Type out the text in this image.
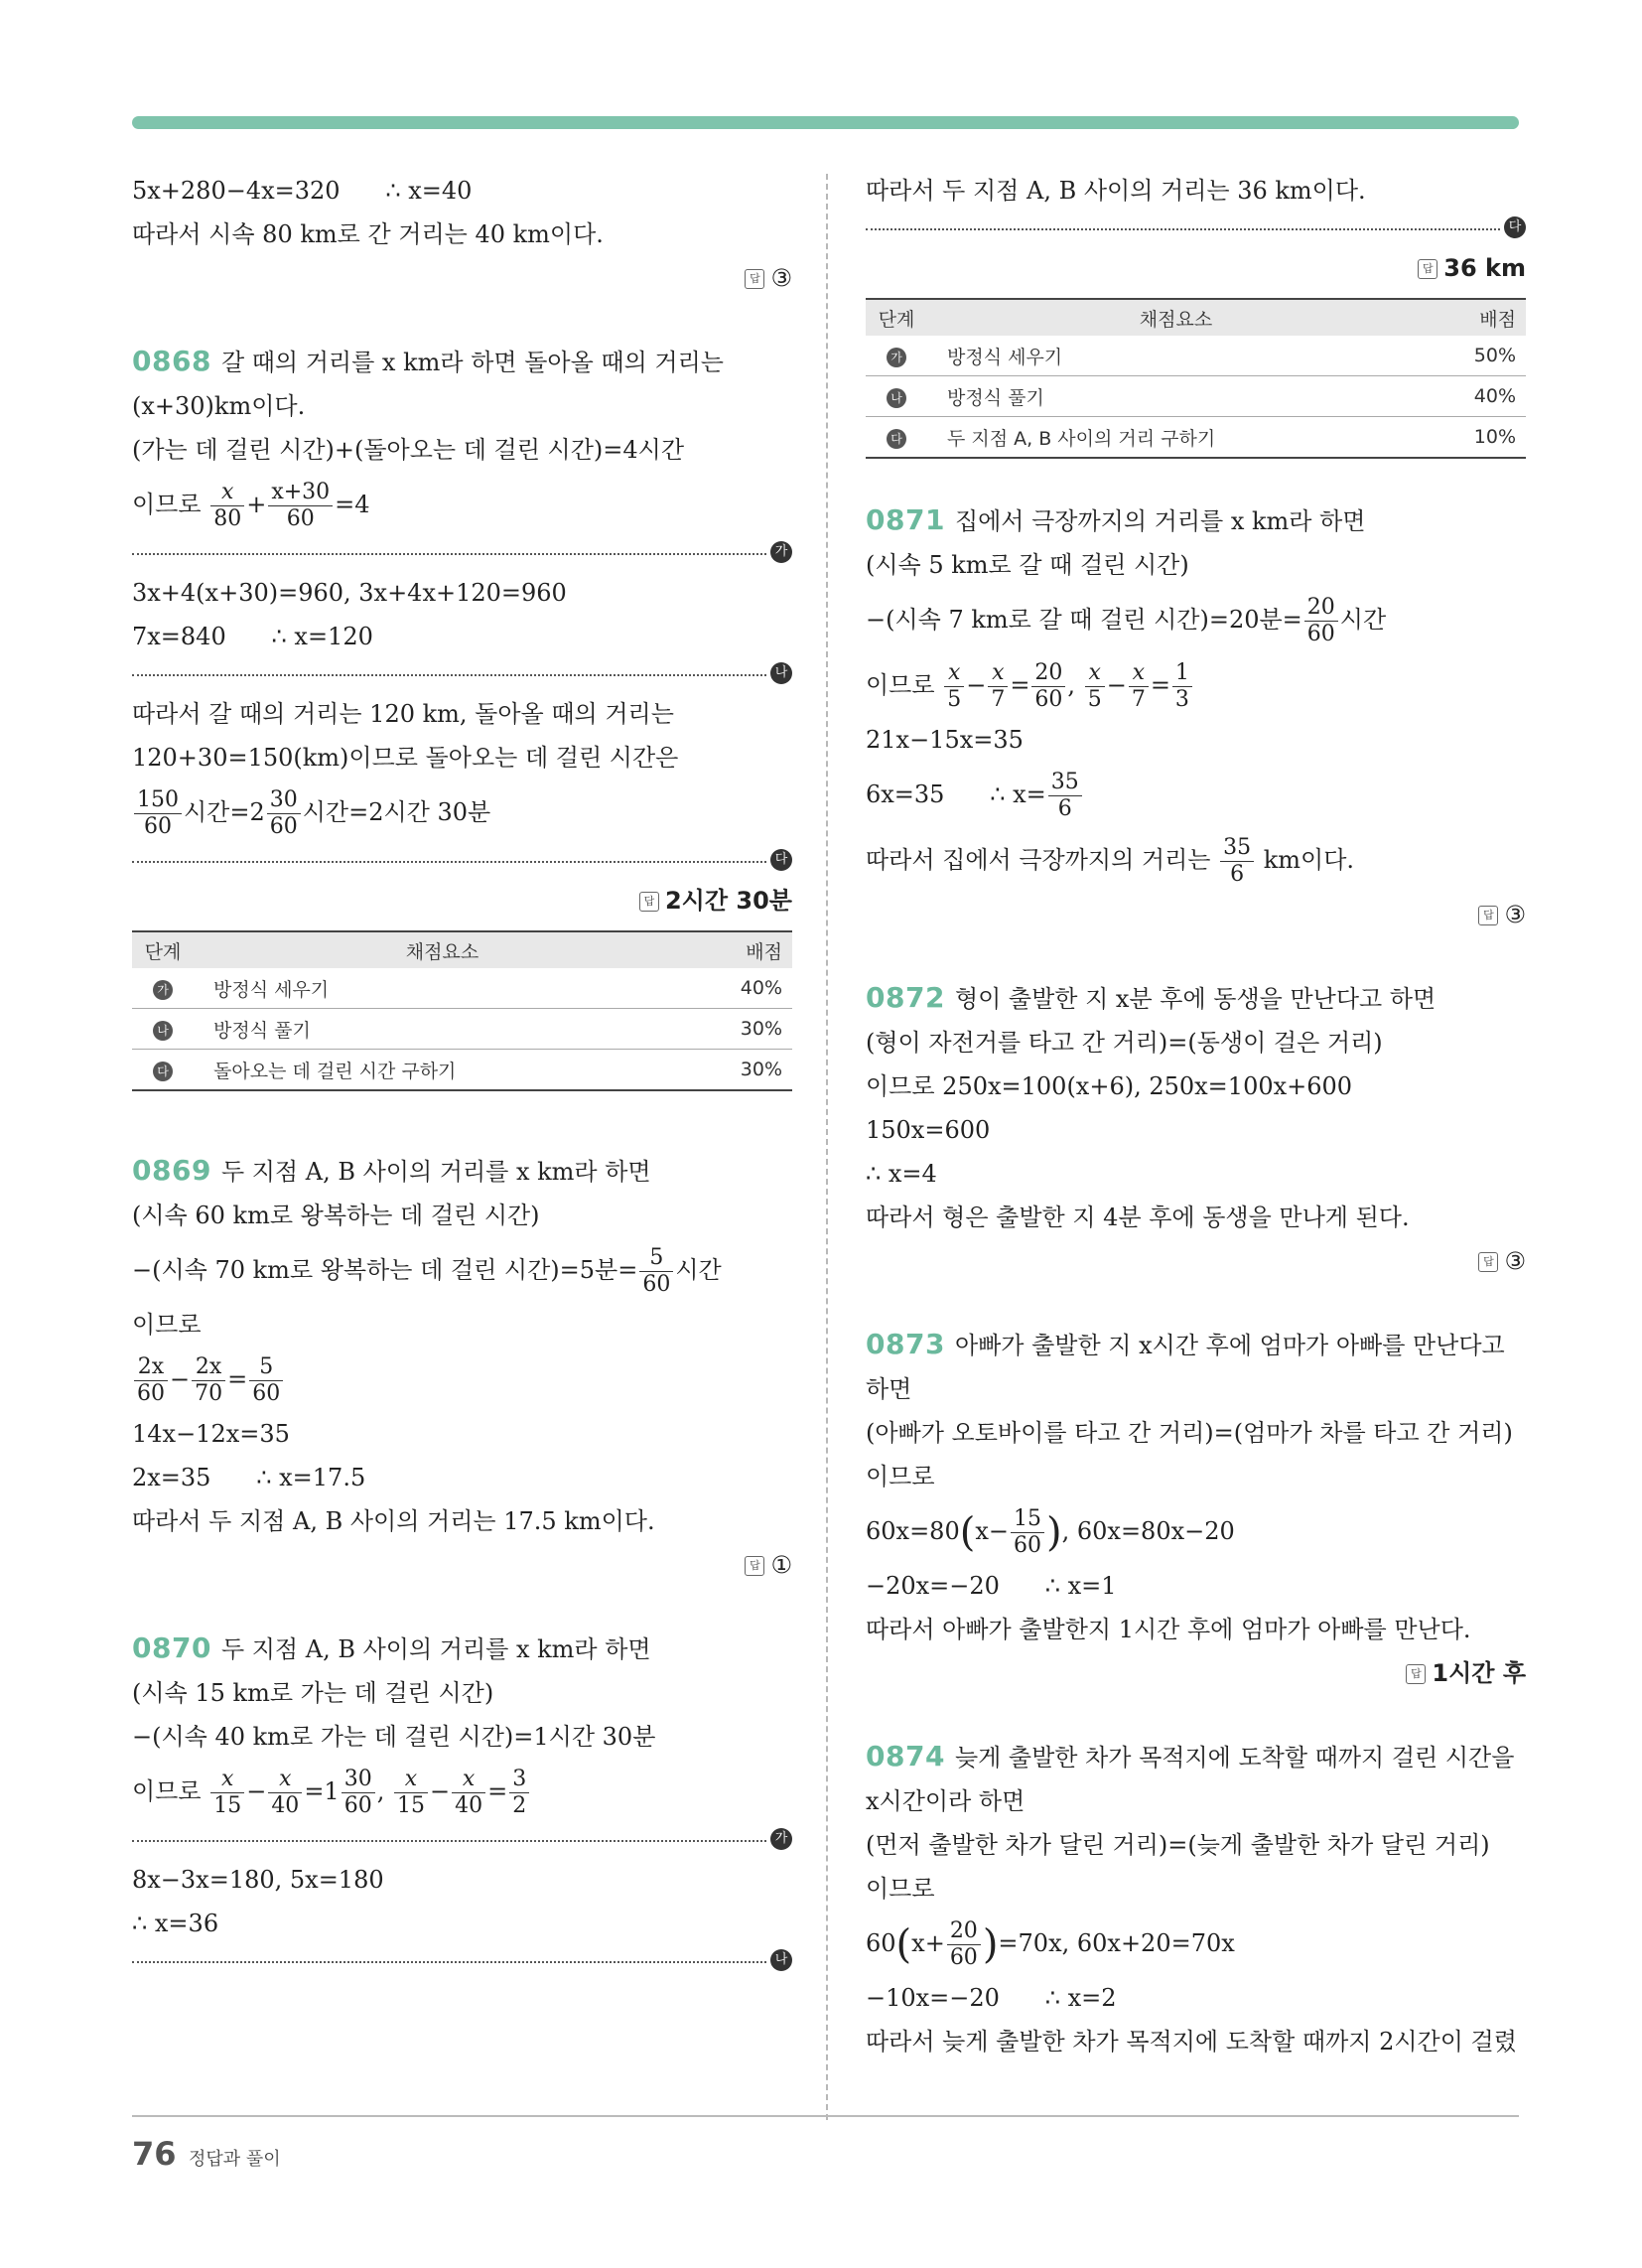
5x+280−4x=320 ∴ x=40
따라서 시속 80 km로 간 거리는 40 km이다.
답 ③
0868 갈 때의 거리를 x km라 하면 돌아올 때의 거리는
(x+30)km이다.
(가는 데 걸린 시간)+(돌아오는 데 걸린 시간)=4시간
이므로 $\frac{x}{80} + \frac{x+30}{60} =4$
가
3x+4(x+30)=960, 3x+4x+120=960
7x=840 ∴ x=120
나
따라서 갈 때의 거리는 120 km, 돌아올 때의 거리는
120+30=150(km)이므로 돌아오는 데 걸린 시간은
$\frac{150}{60}$ 시간$=2 \frac{30}{60}$ 시간=2시간 30분
다
답 2시간 30분
단계	채점요소	배점
가	방정식 세우기	40%
나	방정식 풀기	30%
다	돌아오는 데 걸린 시간 구하기	30%
0869 두 지점 A, B 사이의 거리를 x km라 하면
(시속 60 km로 왕복하는 데 걸린 시간)
−(시속 70 km로 왕복하는 데 걸린 시간)=5분= $\frac{5}{60}$ 시간
이므로
$\frac{2x}{60} - \frac{2x}{70} = \frac{5}{60}$
14x−12x=35
2x=35 ∴ x=17.5
따라서 두 지점 A, B 사이의 거리는 17.5 km이다.
답 ①
0870 두 지점 A, B 사이의 거리를 x km라 하면
(시속 15 km로 가는 데 걸린 시간)
−(시속 40 km로 가는 데 걸린 시간)=1시간 30분
이므로 $\frac{x}{15} - \frac{x}{40} =1 \frac{30}{60}$ , $\frac{x}{15} - \frac{x}{40} = \frac{3}{2}$
가
8x−3x=180, 5x=180
∴ x=36
나
따라서 두 지점 A, B 사이의 거리는 36 km이다.
다
답 36 km
단계	채점요소	배점
가	방정식 세우기	50%
나	방정식 풀기	40%
다	두 지점 A, B 사이의 거리 구하기	10%
0871 집에서 극장까지의 거리를 x km라 하면
(시속 5 km로 갈 때 걸린 시간)
−(시속 7 km로 갈 때 걸린 시간)=20분= $\frac{20}{60}$ 시간
이므로 $\frac{x}{5} - \frac{x}{7} = \frac{20}{60}$ , $\frac{x}{5} - \frac{x}{7} = \frac{1}{3}$
21x−15x=35
6x=35 ∴ $x= \frac{35}{6}$
따라서 집에서 극장까지의 거리는 $\frac{35}{6}$ km이다.
답 ③
0872 형이 출발한 지 x분 후에 동생을 만난다고 하면
(형이 자전거를 타고 간 거리)=(동생이 걸은 거리)
이므로 250x=100(x+6), 250x=100x+600
150x=600
∴ x=4
따라서 형은 출발한 지 4분 후에 동생을 만나게 된다.
답 ③
0873 아빠가 출발한 지 x시간 후에 엄마가 아빠를 만난다고
하면
(아빠가 오토바이를 타고 간 거리)=(엄마가 차를 타고 간 거리)
이므로
$60x=80(x- \frac{15}{60}$ ), 60x=80x−20
−20x=−20 ∴ x=1
따라서 아빠가 출발한지 1시간 후에 엄마가 아빠를 만난다.
답 1시간 후
0874 늦게 출발한 차가 목적지에 도착할 때까지 걸린 시간을
x시간이라 하면
(먼저 출발한 차가 달린 거리)=(늦게 출발한 차가 달린 거리)
이므로
$60(x+ \frac{20}{60} )=70x$, 60x+20=70x
−10x=−20 ∴ x=2
따라서 늦게 출발한 차가 목적지에 도착할 때까지 2시간이 걸렸
76 정답과 풀이
